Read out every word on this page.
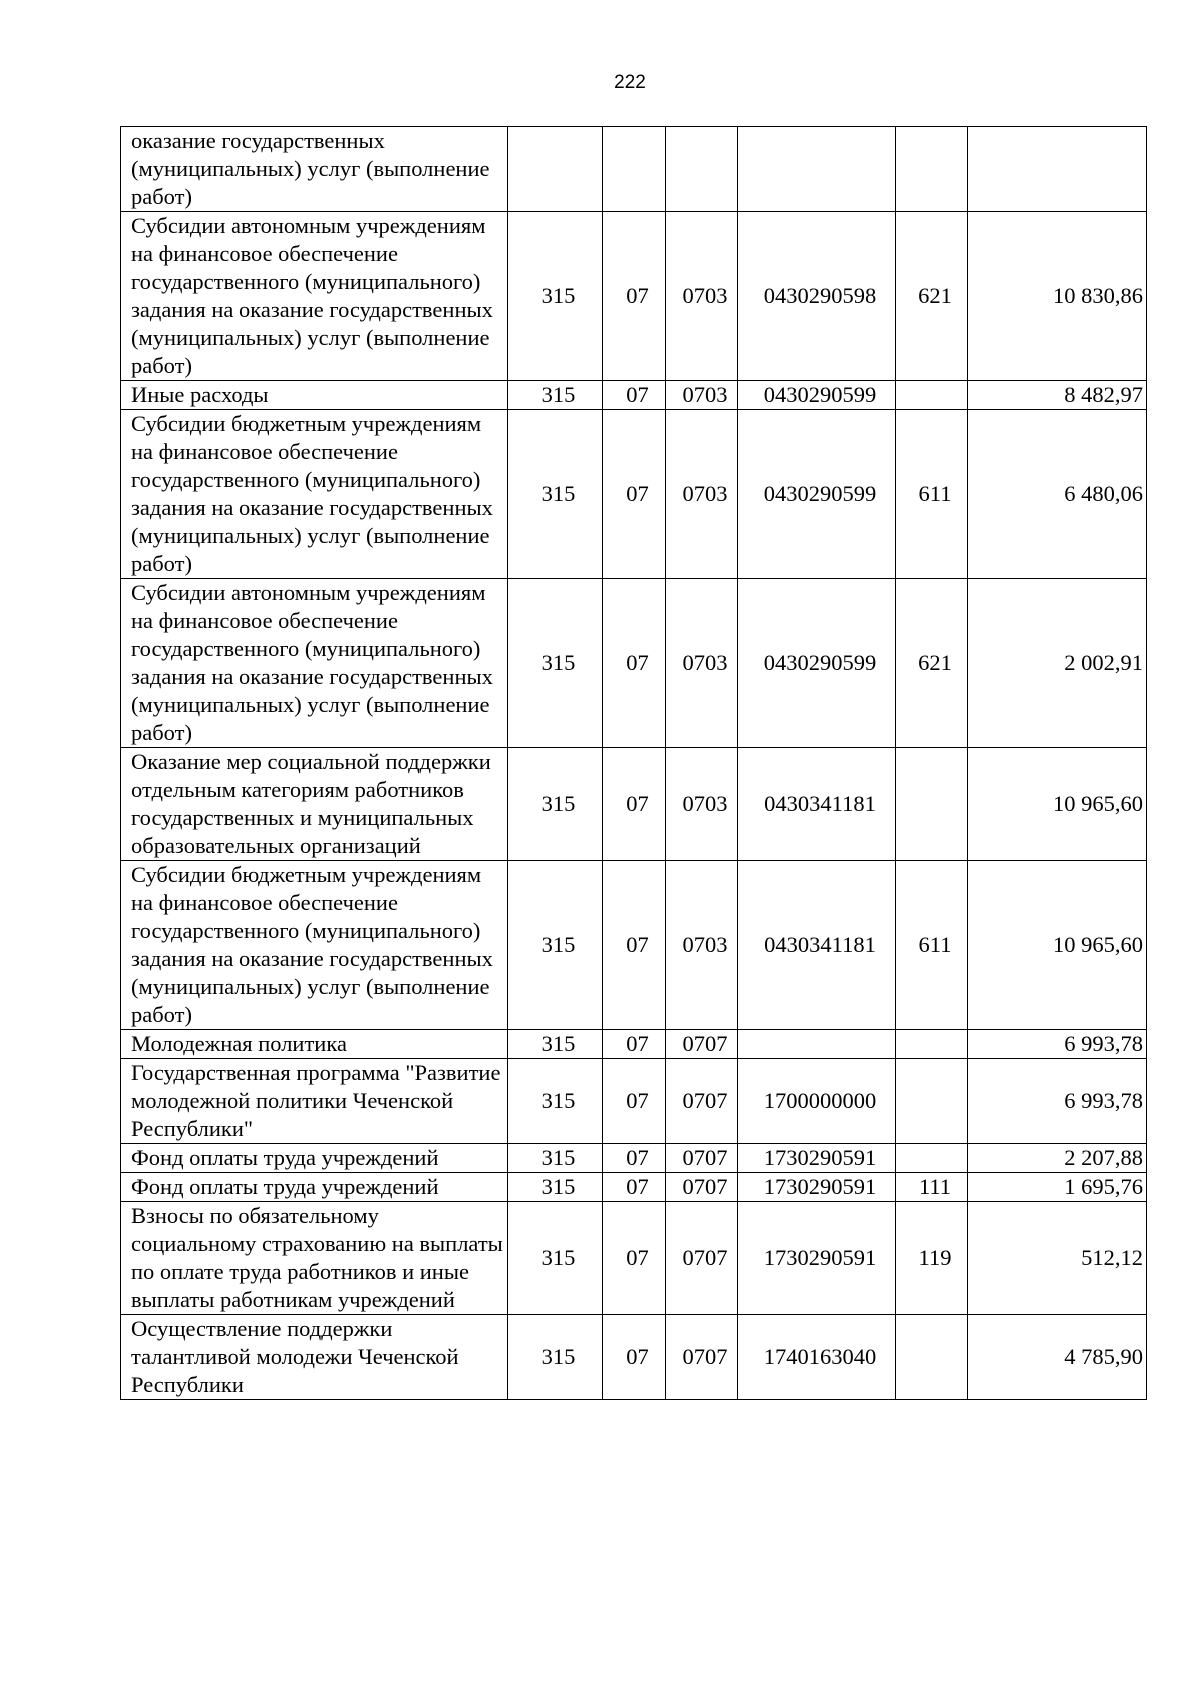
222
оказание государственных (муниципальных) услуг (выполнение работ)						
Субсидии автономным учреждениям на финансовое обеспечение государственного (муниципального) задания на оказание государственных (муниципальных) услуг (выполнение работ)	315	07	0703	0430290598	621	10 830,86
Иные расходы	315	07	0703	0430290599		8 482,97
Субсидии бюджетным учреждениям на финансовое обеспечение государственного (муниципального) задания на оказание государственных (муниципальных) услуг (выполнение работ)	315	07	0703	0430290599	611	6 480,06
Субсидии автономным учреждениям на финансовое обеспечение государственного (муниципального) задания на оказание государственных (муниципальных) услуг (выполнение работ)	315	07	0703	0430290599	621	2 002,91
Оказание мер социальной поддержки отдельным категориям работников государственных и муниципальных образовательных организаций	315	07	0703	0430341181		10 965,60
Субсидии бюджетным учреждениям на финансовое обеспечение государственного (муниципального) задания на оказание государственных (муниципальных) услуг (выполнение работ)	315	07	0703	0430341181	611	10 965,60
Молодежная политика	315	07	0707			6 993,78
Государственная программа "Развитие молодежной политики Чеченской Республики"	315	07	0707	1700000000		6 993,78
Фонд оплаты труда учреждений	315	07	0707	1730290591		2 207,88
Фонд оплаты труда учреждений	315	07	0707	1730290591	111	1 695,76
Взносы по обязательному социальному страхованию на выплаты по оплате труда работников и иные выплаты работникам учреждений	315	07	0707	1730290591	119	512,12
Осуществление поддержки талантливой молодежи Чеченской Республики	315	07	0707	1740163040		4 785,90
